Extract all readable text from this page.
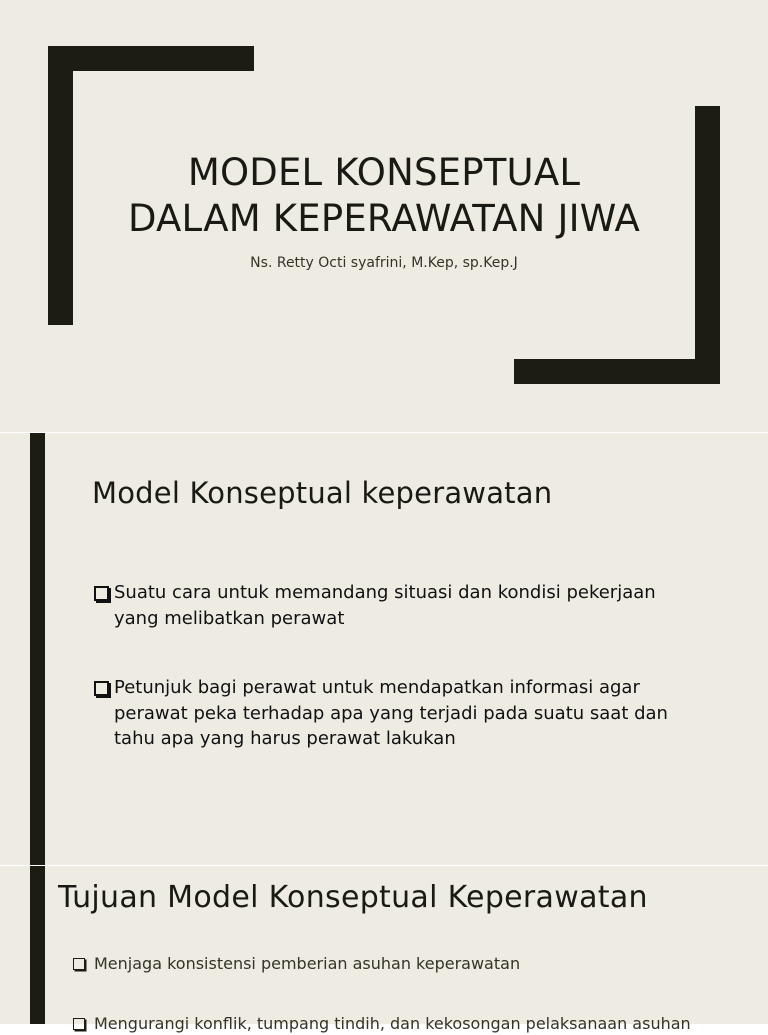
MODEL KONSEPTUAL
DALAM KEPERAWATAN JIWA

Ns. Retty Octi syafrini, M.Kep, sp.Kep.J

Model Konseptual keperawatan
Suatu cara untuk memandang situasi dan kondisi pekerjaan yang melibatkan perawat
Petunjuk bagi perawat untuk mendapatkan informasi agar perawat peka terhadap apa yang terjadi pada suatu saat dan tahu apa yang harus perawat lakukan
Tujuan Model Konseptual Keperawatan
Menjaga konsistensi pemberian asuhan keperawatan
Mengurangi konflik, tumpang tindih, dan kekosongan pelaksanaan asuhan
